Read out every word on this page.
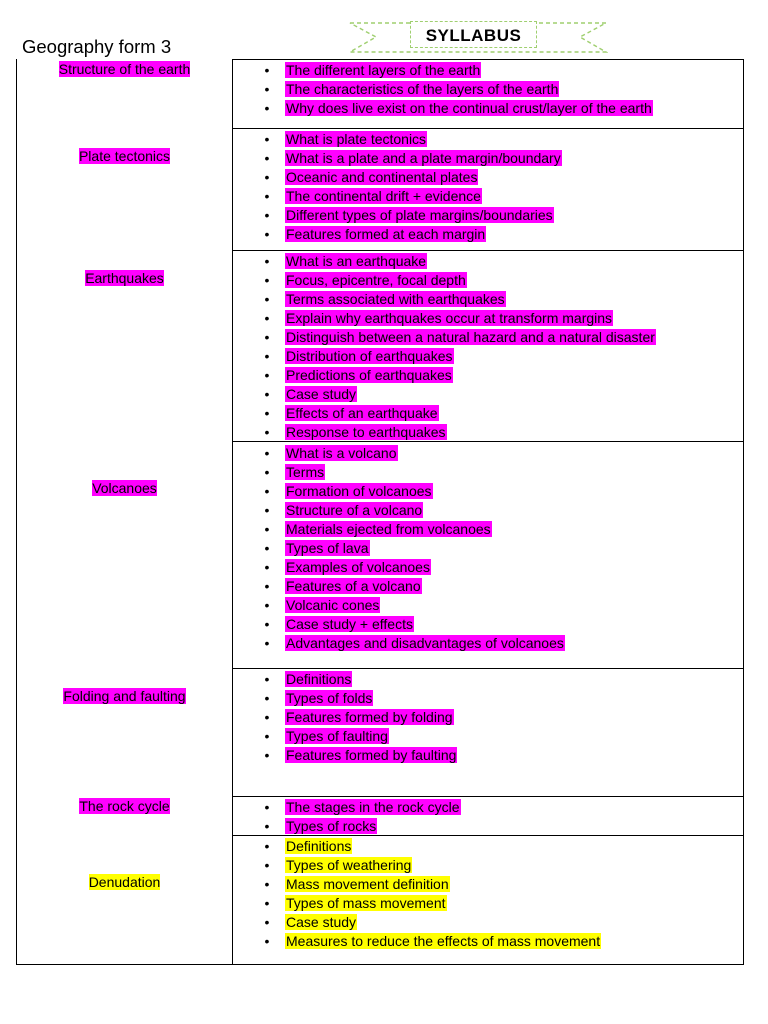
Geography form 3
SYLLABUS
• The different layers of the earth
• The characteristics of the layers of the earth
• Why does live exist on the continual crust/layer of the earth
Structure of the earth
• What is plate tectonics
• What is a plate and a plate margin/boundary
• Oceanic and continental plates
• The continental drift + evidence
• Different types of plate margins/boundaries
• Features formed at each margin
Plate tectonics
• What is an earthquake
• Focus, epicentre, focal depth
• Terms associated with earthquakes
• Explain why earthquakes occur at transform margins
• Distinguish between a natural hazard and a natural disaster
• Distribution of earthquakes
• Predictions of earthquakes
• Case study
• Effects of an earthquake
• Response to earthquakes
Earthquakes
• What is a volcano
• Terms
• Formation of volcanoes
• Structure of a volcano
• Materials ejected from volcanoes
• Types of lava
• Examples of volcanoes
• Features of a volcano
• Volcanic cones
• Case study + effects
• Advantages and disadvantages of volcanoes
Volcanoes
• Definitions
• Types of folds
• Features formed by folding
• Types of faulting
• Features formed by faulting
Folding and faulting
• The stages in the rock cycle
• Types of rocks
The rock cycle
• Definitions
• Types of weathering
• Mass movement definition
• Types of mass movement
• Case study
• Measures to reduce the effects of mass movement
Denudation
